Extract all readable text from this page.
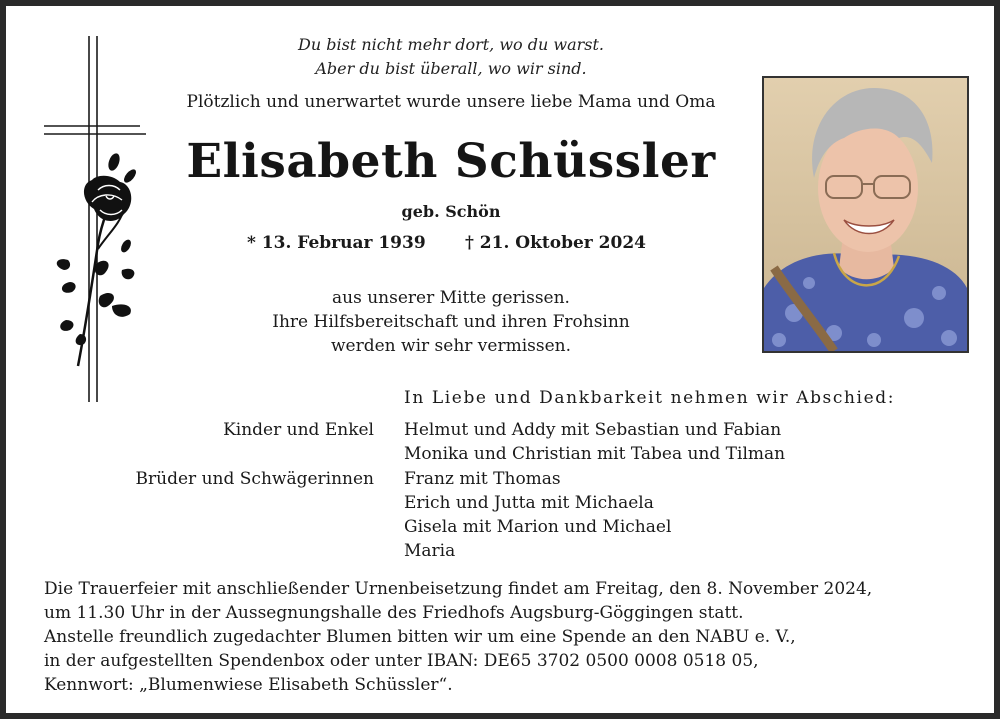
Du bist nicht mehr dort, wo du warst.
Aber du bist überall, wo wir sind.
Plötzlich und unerwartet wurde unsere liebe Mama und Oma
Elisabeth Schüssler
geb. Schön
* 13. Februar 1939 † 21. Oktober 2024
aus unserer Mitte gerissen.
Ihre Hilfsbereitschaft und ihren Frohsinn
werden wir sehr vermissen.
In Liebe und Dankbarkeit nehmen wir Abschied:
Kinder und Enkel Helmut und Addy mit Sebastian und Fabian
Monika und Christian mit Tabea und Tilman
Brüder und Schwägerinnen Franz mit Thomas
Erich und Jutta mit Michaela
Gisela mit Marion und Michael
Maria
Die Trauerfeier mit anschließender Urnenbeisetzung findet am Freitag, den 8. November 2024,
um 11.30 Uhr in der Aussegnungshalle des Friedhofs Augsburg-Göggingen statt.
Anstelle freundlich zugedachter Blumen bitten wir um eine Spende an den NABU e. V.,
in der aufgestellten Spendenbox oder unter IBAN: DE65 3702 0500 0008 0518 05,
Kennwort: „Blumenwiese Elisabeth Schüssler“.
